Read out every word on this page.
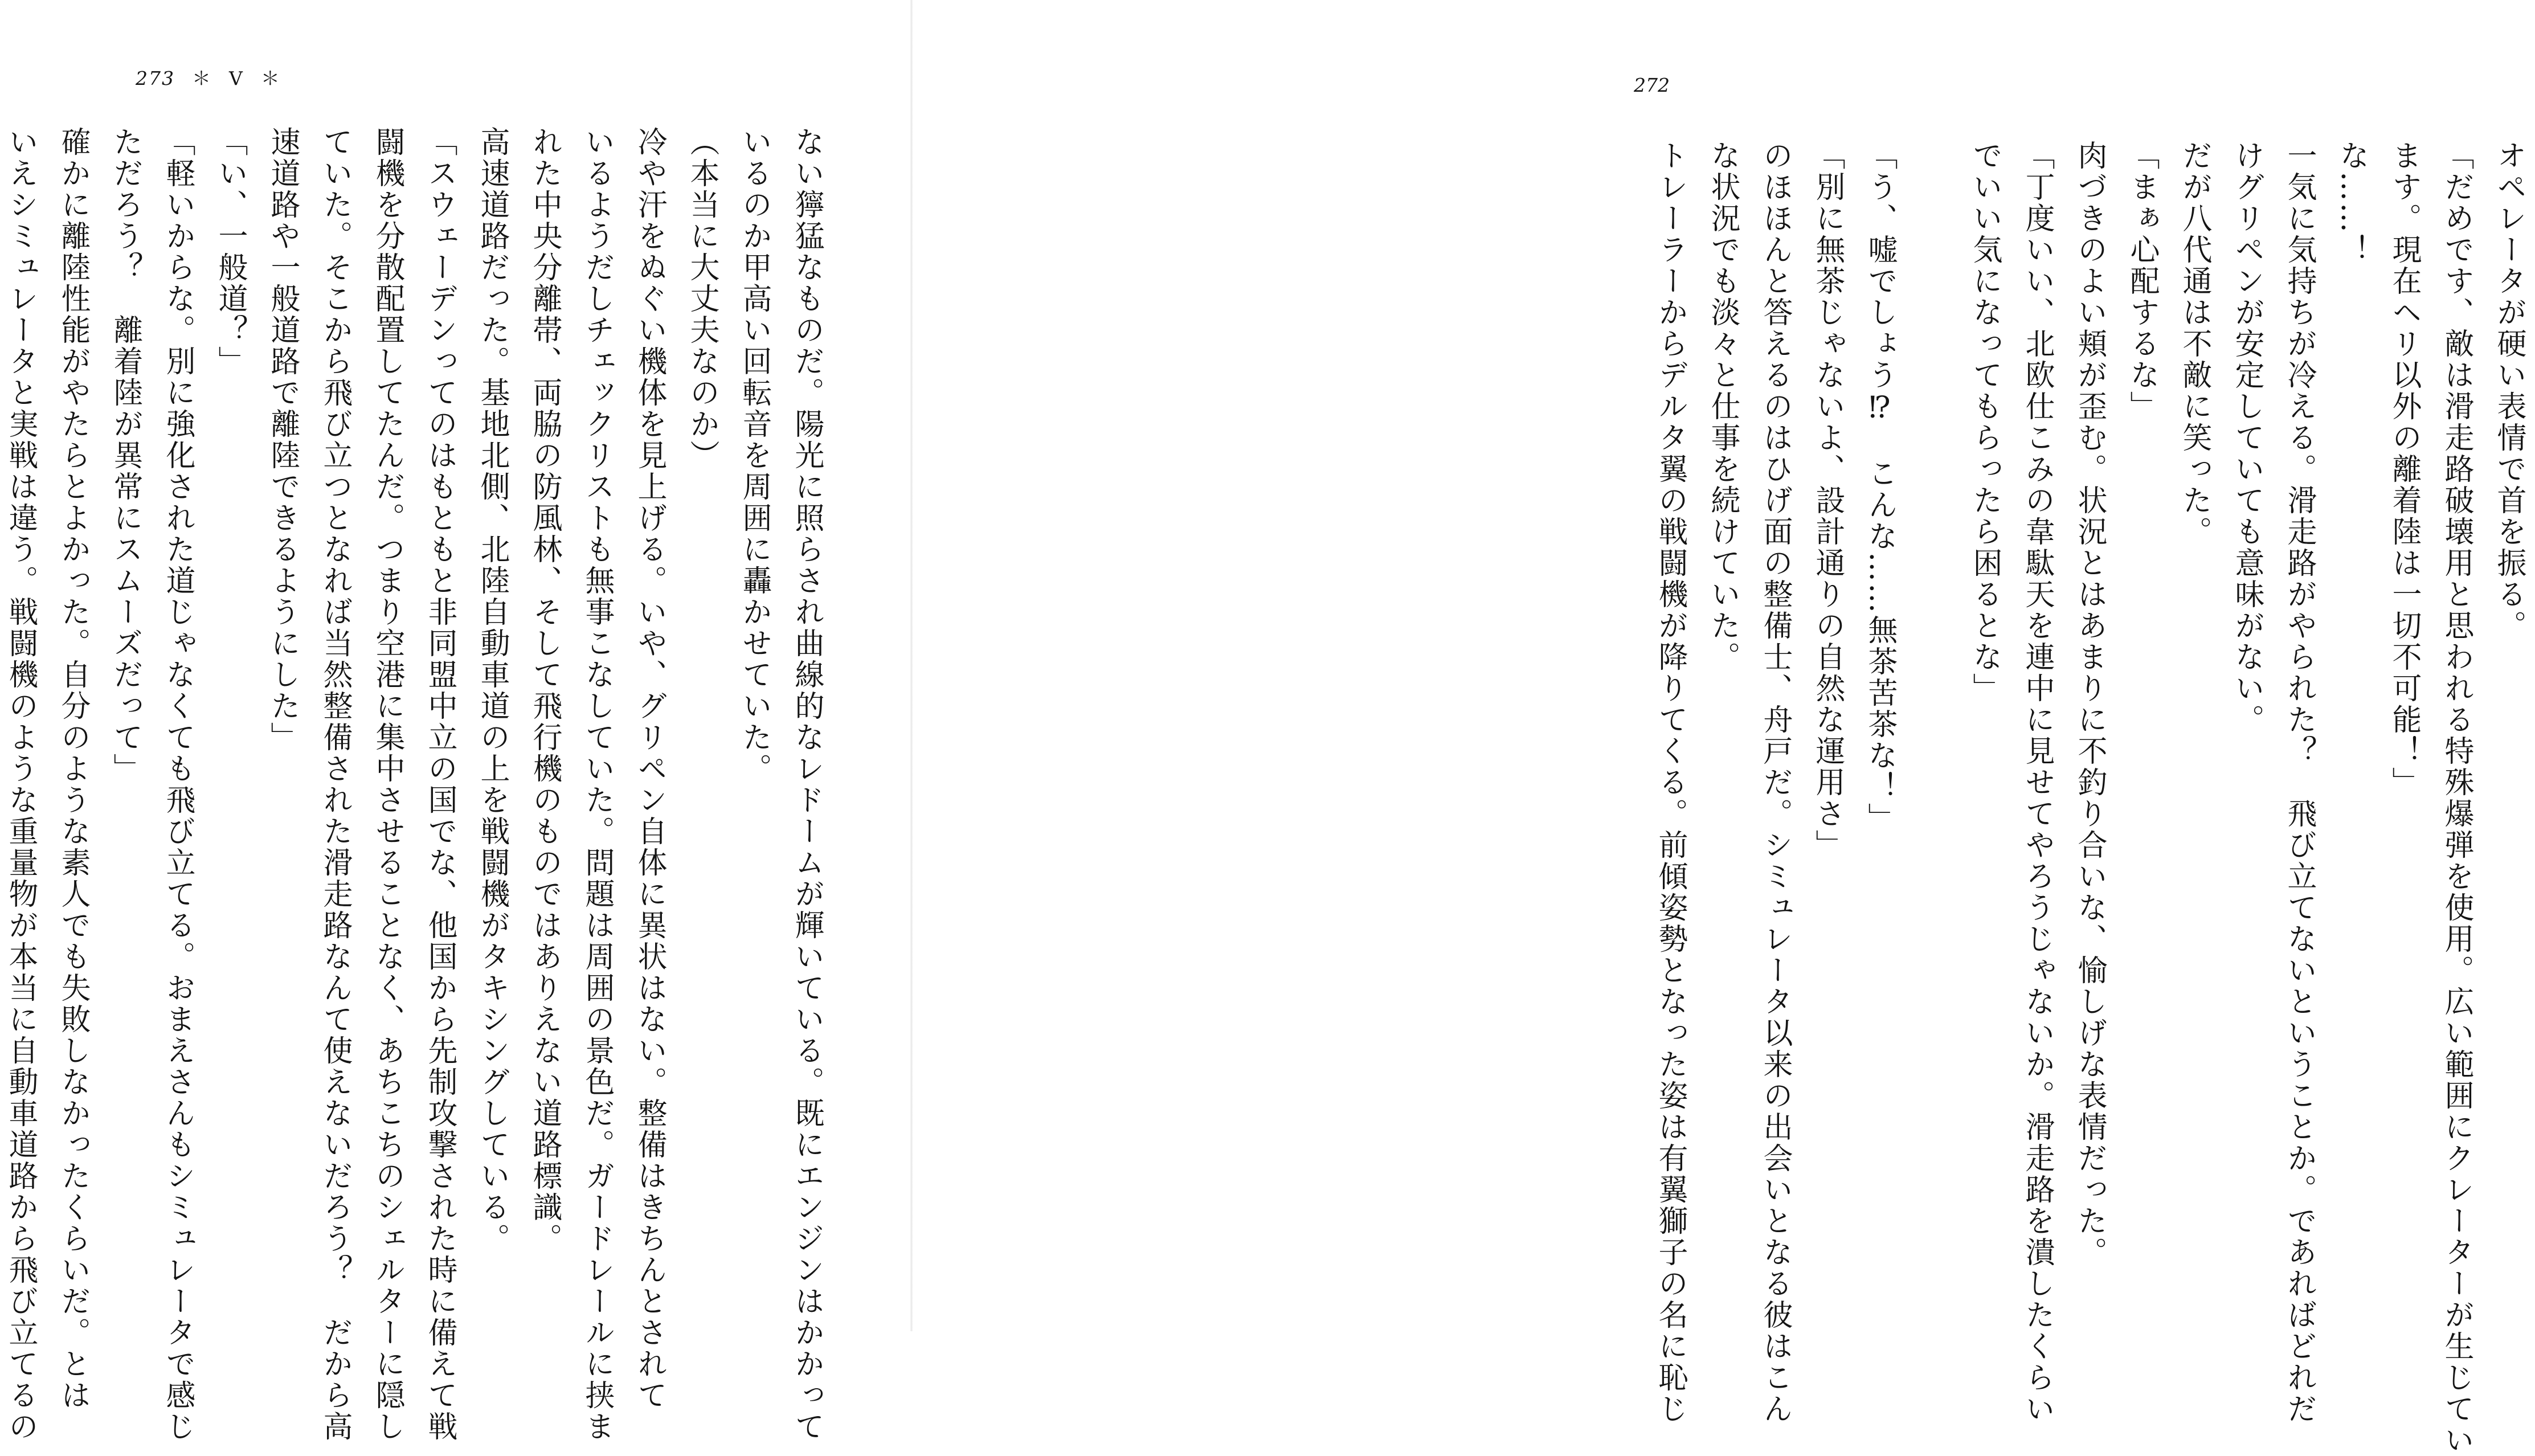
273 ＊ Ⅴ ＊

ない獰猛なものだ。陽光に照らされ曲線的なレドームが輝いている。既にエンジンはかかって

いるのか甲高い回転音を周囲に轟かせていた。

（本当に大丈夫なのか）

冷や汗をぬぐい機体を見上げる。いや、グリペン自体に異状はない。整備はきちんとされて

いるようだしチェックリストも無事こなしていた。問題は周囲の景色だ。ガードレールに挟ま

れた中央分離帯、両脇の防風林、そして飛行機のものではありえない道路標識。

高速道路だった。基地北側、北陸自動車道の上を戦闘機がタキシングしている。

「スウェーデンってのはもともと非同盟中立の国でな、他国から先制攻撃された時に備えて戦

闘機を分散配置してたんだ。つまり空港に集中させることなく、あちこちのシェルターに隠し

ていた。そこから飛び立つとなれば当然整備された滑走路なんて使えないだろう？　だから高

速道路や一般道路で離陸できるようにした」

「い、一般道？」

「軽いからな。別に強化された道じゃなくても飛び立てる。おまえさんもシミュレータで感じ

ただろう？　離着陸が異常にスムーズだって」

確かに離陸性能がやたらとよかった。自分のような素人でも失敗しなかったくらいだ。とは

いえシミュレータと実戦は違う。戦闘機のような重量物が本当に自動車道路から飛び立てるの	オペレータが硬い表情で首を振る。

「だめです、敵は滑走路破壊用と思われる特殊爆弾を使用。広い範囲にクレーターが生じてい

ます。現在ヘリ以外の離着陸は一切不可能！」

な……！

一気に気持ちが冷える。滑走路がやられた？　飛び立てないということか。であればどれだ

けグリペンが安定していても意味がない。

だが八代通は不敵に笑った。

「まぁ心配するな」

肉づきのよい頬が歪む。状況とはあまりに不釣り合いな、愉しげな表情だった。

「丁度いい、北欧仕こみの韋駄天を連中に見せてやろうじゃないか。滑走路を潰したくらい

でいい気になってもらったら困るとな」

「う、嘘でしょう⁉　こんな……無茶苦茶な！」

「別に無茶じゃないよ、設計通りの自然な運用さ」

のほほんと答えるのはひげ面の整備士、舟戸だ。シミュレータ以来の出会いとなる彼はこん

な状況でも淡々と仕事を続けていた。

トレーラーからデルタ翼の戦闘機が降りてくる。前傾姿勢となった姿は有翼獅子の名に恥じ

272
